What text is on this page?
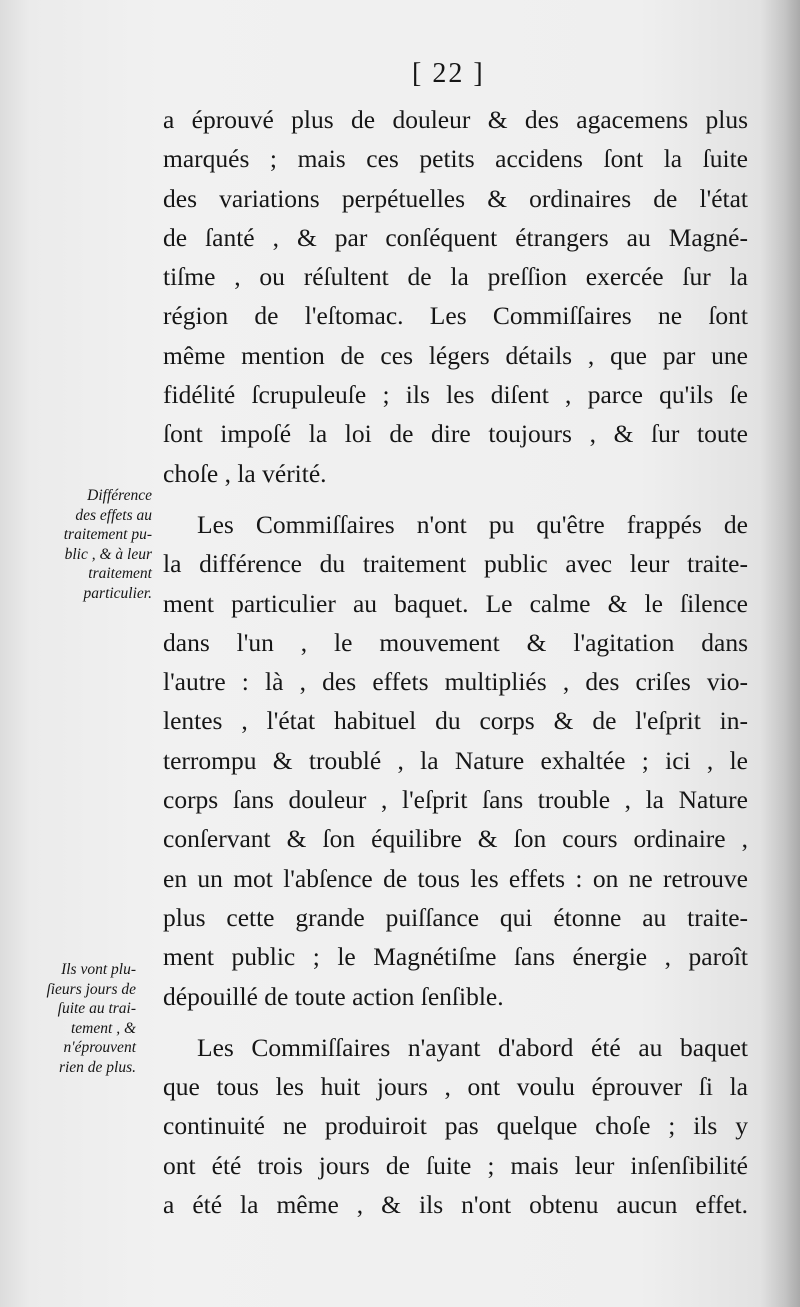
[ 22 ]
a éprouvé plus de douleur & des agacemens plus
marqués ; mais ces petits accidens ſont la ſuite
des variations perpétuelles & ordinaires de l'état
de ſanté , & par conſéquent étrangers au Magné-
tiſme , ou réſultent de la preſſion exercée ſur la
région de l'eſtomac. Les Commiſſaires ne ſont
même mention de ces légers détails , que par une
fidélité ſcrupuleuſe ; ils les diſent , parce qu'ils ſe
ſont impoſé la loi de dire toujours , & ſur toute
choſe , la vérité.
Les Commiſſaires n'ont pu qu'être frappés de
la différence du traitement public avec leur traite-
ment particulier au baquet. Le calme & le ſilence
dans l'un , le mouvement & l'agitation dans
l'autre : là , des effets multipliés , des criſes vio-
lentes , l'état habituel du corps & de l'eſprit in-
terrompu & troublé , la Nature exhaltée ; ici , le
corps ſans douleur , l'eſprit ſans trouble , la Nature
conſervant & ſon équilibre & ſon cours ordinaire ,
en un mot l'abſence de tous les effets : on ne retrouve
plus cette grande puiſſance qui étonne au traite-
ment public ; le Magnétiſme ſans énergie , paroît
dépouillé de toute action ſenſible.
Les Commiſſaires n'ayant d'abord été au baquet
que tous les huit jours , ont voulu éprouver ſi la
continuité ne produiroit pas quelque choſe ; ils y
ont été trois jours de ſuite ; mais leur inſenſibilité
a été la même , & ils n'ont obtenu aucun effet.
Différence
des effets au
traitement pu-
blic , & à leur
traitement
particulier.
Ils vont plu-
ſieurs jours de
ſuite au trai-
tement , &
n'éprouvent
rien de plus.
